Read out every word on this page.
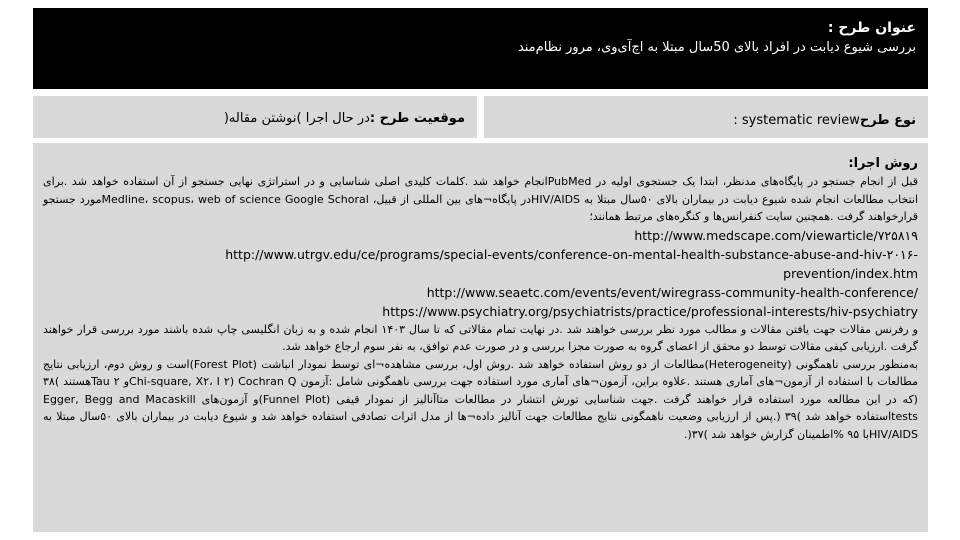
عنوان طرح :
بررسی شیوع دیابت در افراد بالای 50سال مبتلا به اچ‌آی‌وی، مرور نظام‌مند
نوع طرحsystematic review :
موقعیت طرح :در حال اجرا )نوشتن مقاله(
روش اجرا:

قبل از انجام جستجو در پایگاه‌های مدنظر، ابتدا یک جستجوی اولیه در PubMedانجام خواهد شد .کلمات کلیدی اصلی شناسایی و در استراتژی نهایی جستجو از آن استفاده خواهد شد .برای انتخاب مطالعات انجام شده شیوع دیابت در بیماران بالای ۵۰سال مبتلا به HIV/AIDSدر پایگاه¬های بین المللی از قبیل، Medline، scopus، web of science Google Schoralمورد جستجو قرارخواهند گرفت .همچنین سایت کنفرانس‌ها و کنگره‌های مرتبط همانند؛

http://www.medscape.com/viewarticle/۷۲۵۸۱۹

http://www.utrgv.edu/ce/programs/special-events/conference-on-mental-health-substance-abuse-and-hiv-۲۰۱۶-

prevention/index.htm

http://www.seaetc.com/events/event/wiregrass-community-health-conference/

https://www.psychiatry.org/psychiatrists/practice/professional-interests/hiv-psychiatry

و رفرنس مقالات جهت یافتن مقالات و مطالب مورد نظر بررسی خواهند شد .در نهایت تمام مقالاتی که تا سال ۱۴۰۳ انجام شده و به زبان انگلیسی چاپ شده باشند مورد بررسی قرار خواهند گرفت .ارزیابی کیفی مقالات توسط دو محقق از اعضای گروه به صورت مجزا بررسی و در صورت عدم توافق، به نفر سوم ارجاع خواهد شد.

به‌منظور بررسی ناهمگونی (Heterogeneity)مطالعات از دو روش استفاده خواهد شد .روش اول، بررسی مشاهده¬ای توسط نمودار انباشت (Forest Plot)است و روش دوم، ارزیابی نتایج مطالعات با استفاده از آزمون¬های آماری هستند .علاوه براین، آزمون¬های آماری مورد استفاده جهت بررسی ناهمگونی شامل :آزمون Cochran Q (Chi-square, X۲، I ۲و Tau ۲هستند )۳۸ (که در این مطالعه مورد استفاده قرار خواهند گرفت .جهت شناسایی تورش انتشار در مطالعات متاآنالیز از نمودار قیفی (Funnel Plot)و آزمون‌های Egger, Begg and Macaskill testsاستفاده خواهد شد )۳۹ (.پس از ارزیابی وضعیت ناهمگونی نتایج مطالعات جهت آنالیز داده¬ها از مدل اثرات تصادفی استفاده خواهد شد و شیوع دیابت در بیماران بالای ۵۰سال مبتلا به HIV/AIDSبا ۹۵ %اطمینان گزارش خواهد شد )۳۷(.
